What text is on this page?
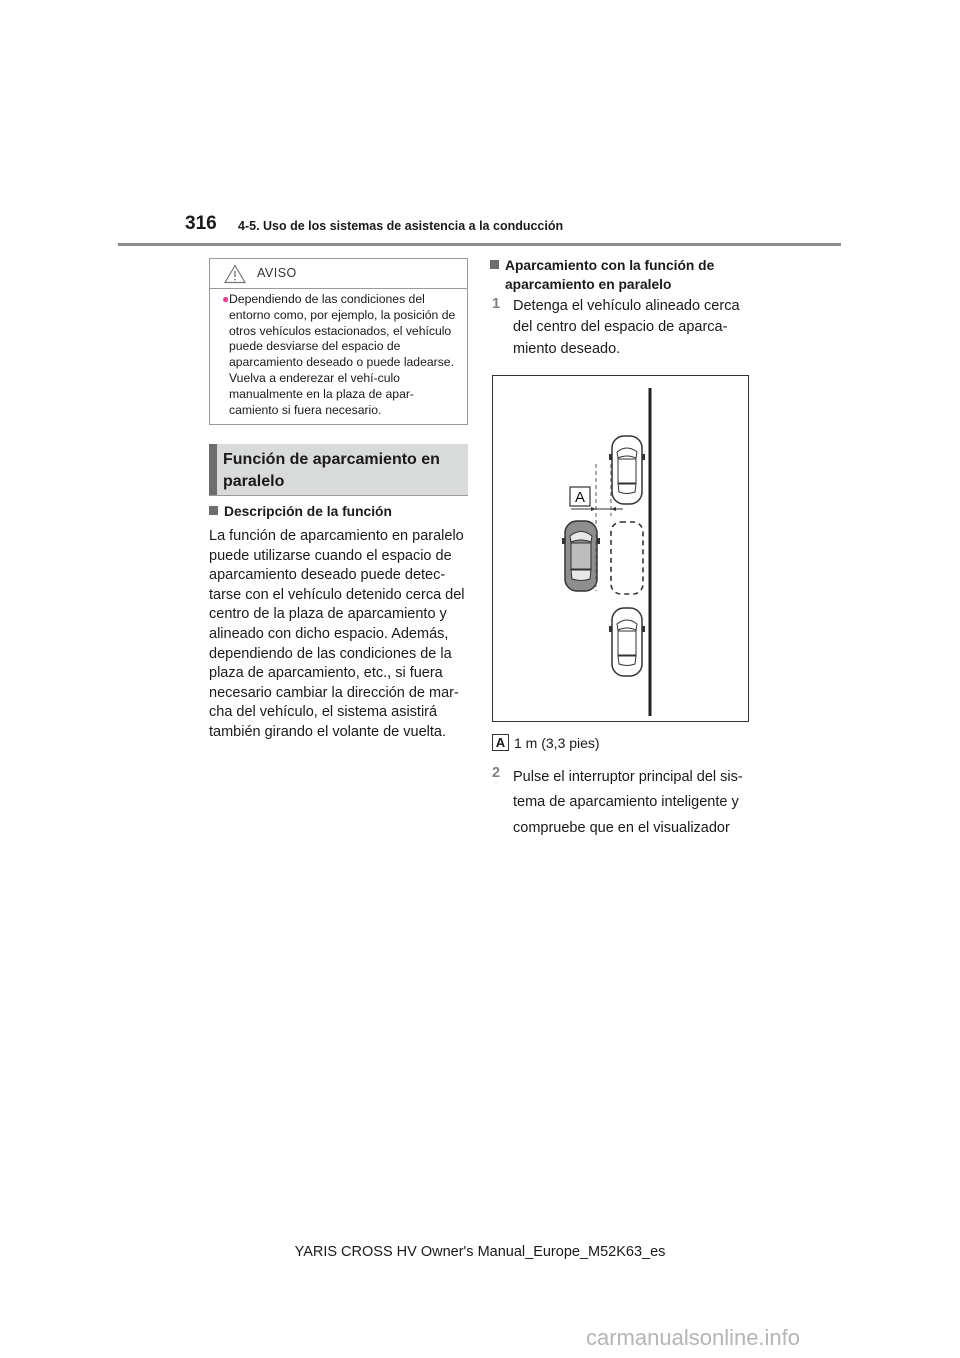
316 4-5. Uso de los sistemas de asistencia a la conducción
AVISO
● Dependiendo de las condiciones del entorno como, por ejemplo, la posición de otros vehículos estacionados, el vehículo puede desviarse del espacio de aparcamiento deseado o puede ladearse. Vuelva a enderezar el vehí-culo manualmente en la plaza de apar-camiento si fuera necesario.
Función de aparcamiento en paralelo
Descripción de la función
La función de aparcamiento en paralelo puede utilizarse cuando el espacio de aparcamiento deseado puede detec-tarse con el vehículo detenido cerca del centro de la plaza de aparcamiento y alineado con dicho espacio. Además, dependiendo de las condiciones de la plaza de aparcamiento, etc., si fuera necesario cambiar la dirección de mar-cha del vehículo, el sistema asistirá también girando el volante de vuelta.
Aparcamiento con la función de aparcamiento en paralelo
1 Detenga el vehículo alineado cerca del centro del espacio de aparca-miento deseado.
A
A 1 m (3,3 pies)
2 Pulse el interruptor principal del sis-tema de aparcamiento inteligente y compruebe que en el visualizador
YARIS CROSS HV Owner's Manual_Europe_M52K63_es
carmanualsonline.info
